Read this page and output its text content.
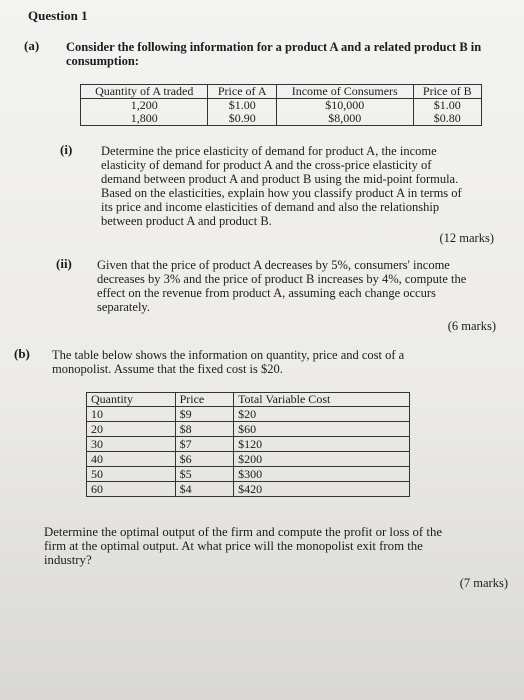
Question 1
(a) Consider the following information for a product A and a related product B in
consumption:
Quantity of A traded	Price of A	Income of Consumers	Price of B
1,200	$1.00	$10,000	$1.00
1,800	$0.90	$8,000	$0.80
(i) Determine the price elasticity of demand for product A, the income
elasticity of demand for product A and the cross-price elasticity of
demand between product A and product B using the mid-point formula.
Based on the elasticities, explain how you classify product A in terms of
its price and income elasticities of demand and also the relationship
between product A and product B.
(12 marks)
(ii) Given that the price of product A decreases by 5%, consumers' income
decreases by 3% and the price of product B increases by 4%, compute the
effect on the revenue from product A, assuming each change occurs
separately.
(6 marks)
(b) The table below shows the information on quantity, price and cost of a
monopolist. Assume that the fixed cost is $20.
Quantity	Price	Total Variable Cost
10	$9	$20
20	$8	$60
30	$7	$120
40	$6	$200
50	$5	$300
60	$4	$420
Determine the optimal output of the firm and compute the profit or loss of the
firm at the optimal output. At what price will the monopolist exit from the
industry?
(7 marks)
